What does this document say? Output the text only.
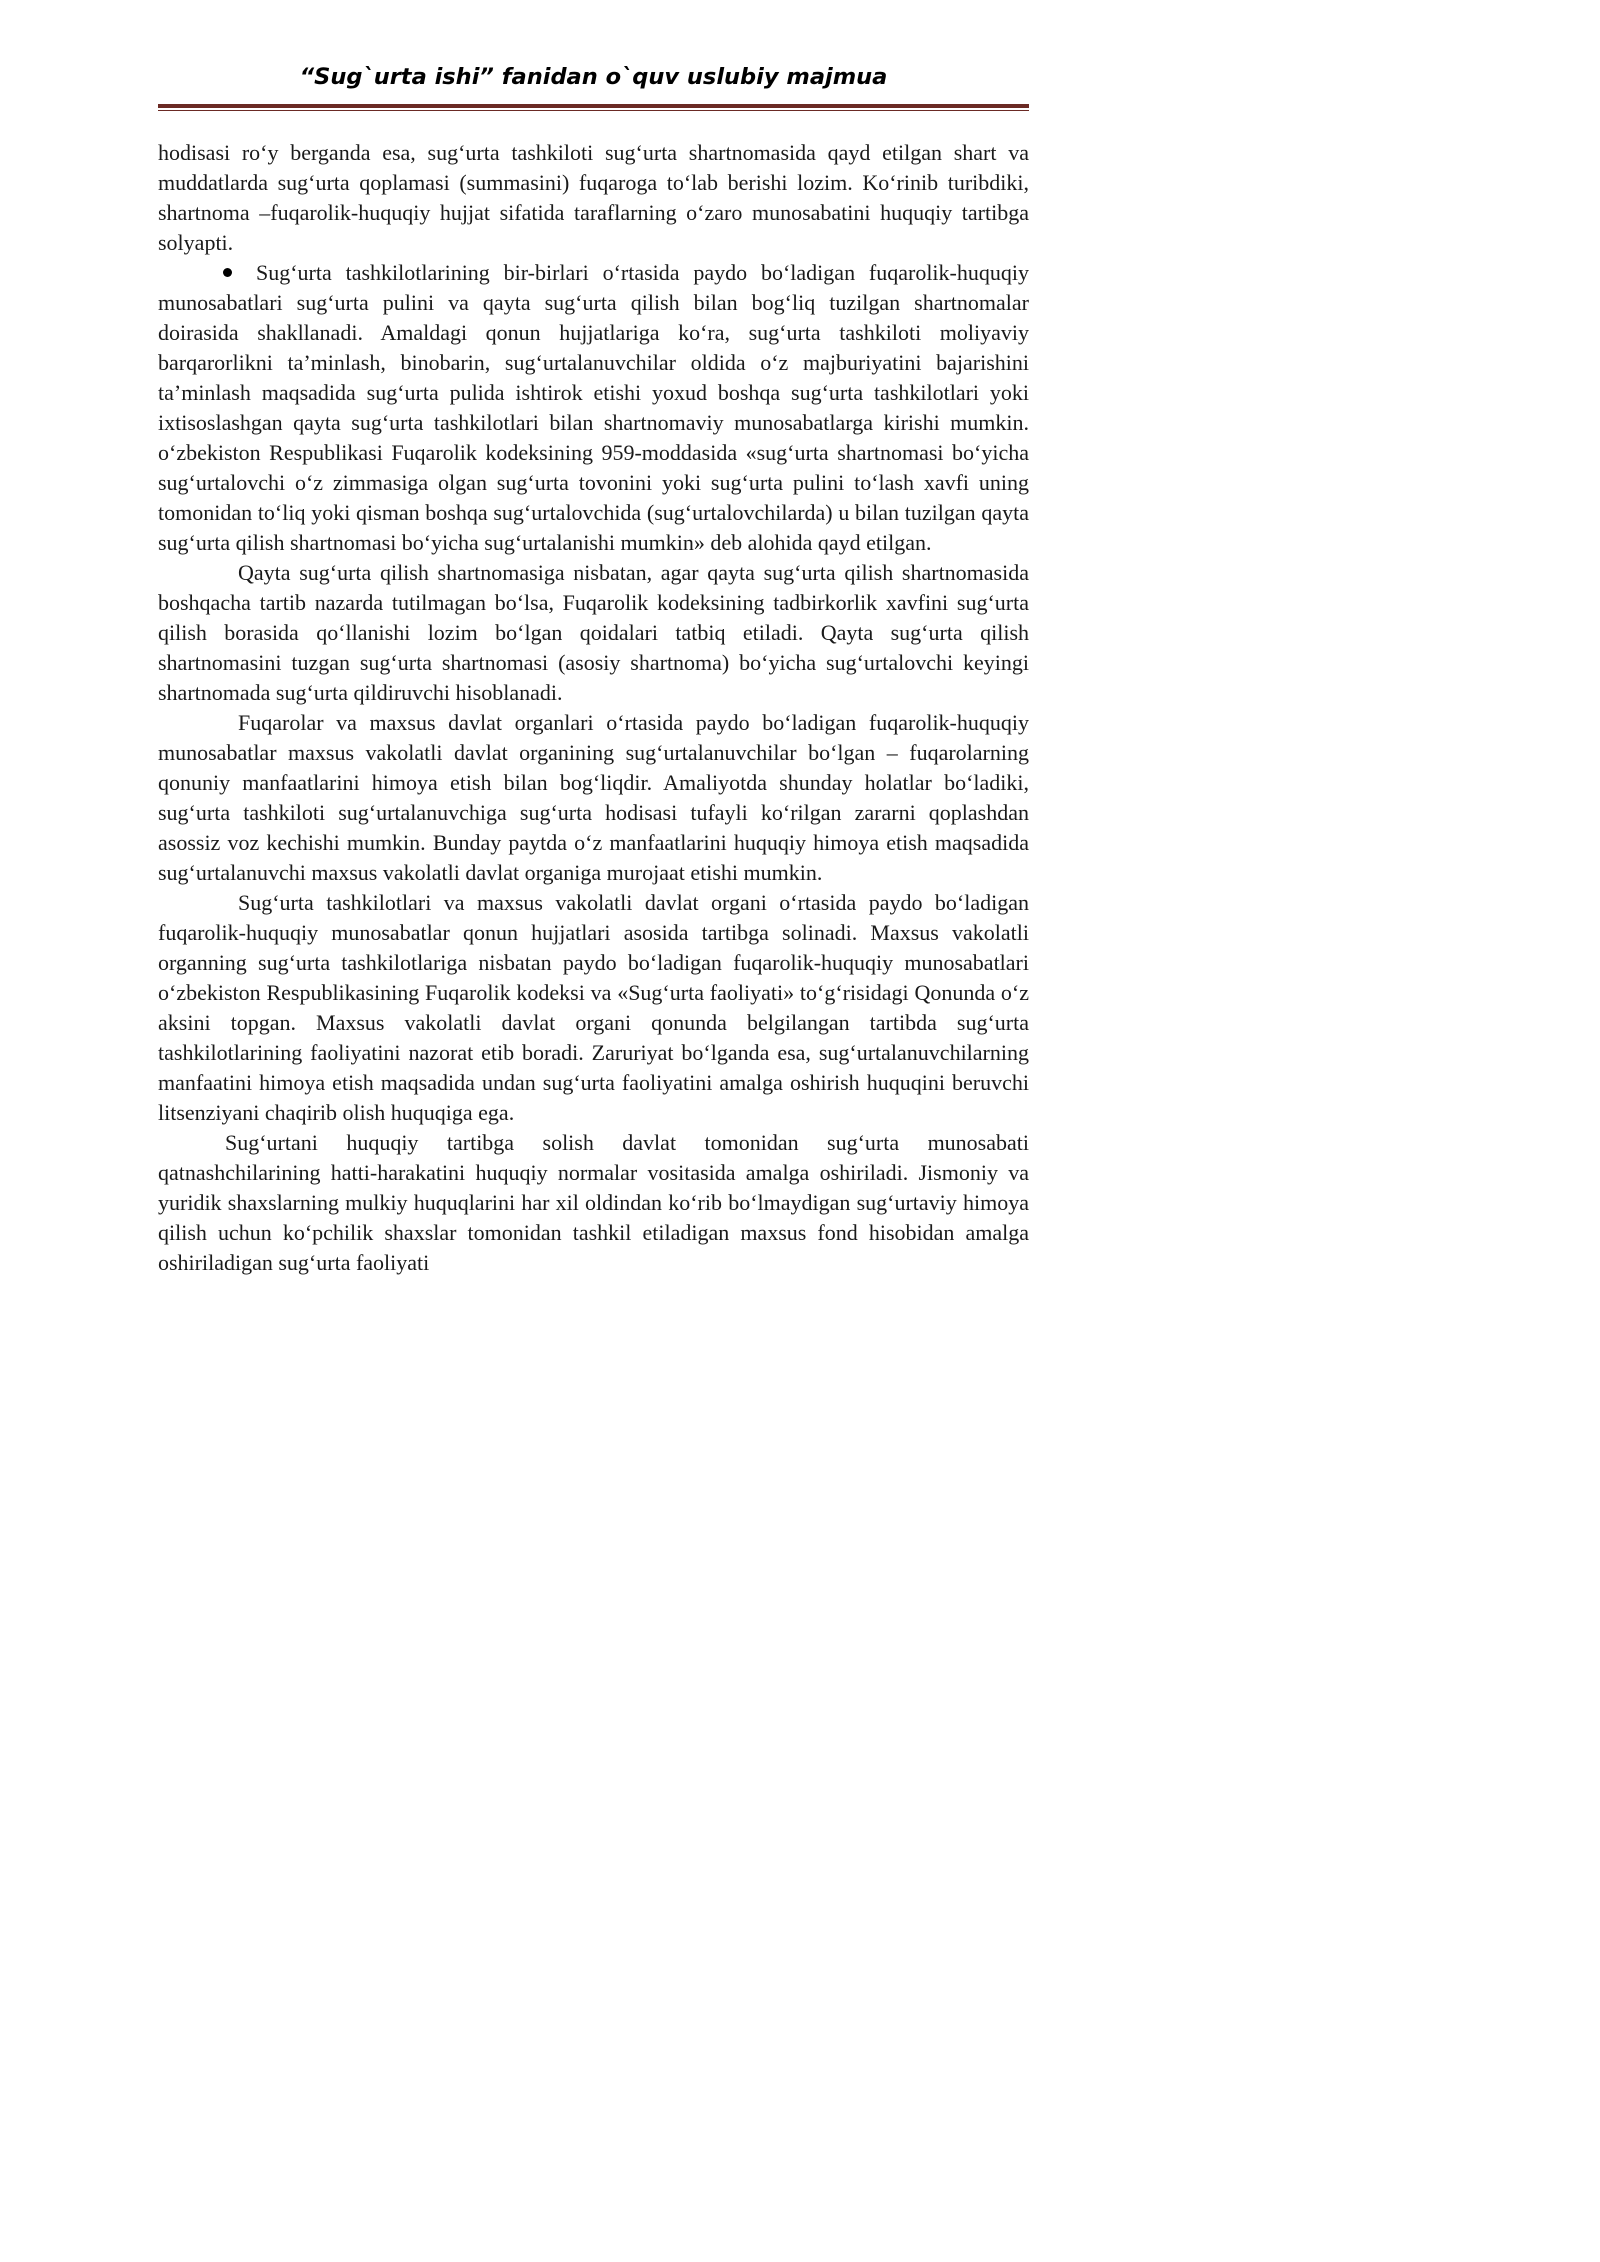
“Sug`urta ishi” fanidan o`quv uslubiy majmua

hodisasi ro‘y berganda esa, sug‘urta tashkiloti sug‘urta shartnomasida qayd etilgan shart va muddatlarda sug‘urta qoplamasi (summasini) fuqaroga to‘lab berishi lozim. Ko‘rinib turibdiki, shartnoma –fuqarolik-huquqiy hujjat sifatida taraflarning o‘zaro munosabatini huquqiy tartibga solyapti.

Sug‘urta tashkilotlarining bir-birlari o‘rtasida paydo bo‘ladigan fuqarolik-huquqiy munosabatlari sug‘urta pulini va qayta sug‘urta qilish bilan bog‘liq tuzilgan shartnomalar doirasida shakllanadi. Amaldagi qonun hujjatlariga ko‘ra, sug‘urta tashkiloti moliyaviy barqarorlikni ta’minlash, binobarin, sug‘urtalanuvchilar oldida o‘z majburiyatini bajarishini ta’minlash maqsadida sug‘urta pulida ishtirok etishi yoxud boshqa sug‘urta tashkilotlari yoki ixtisoslashgan qayta sug‘urta tashkilotlari bilan shartnomaviy munosabatlarga kirishi mumkin. o‘zbekiston Respublikasi Fuqarolik kodeksining 959-moddasida «sug‘urta shartnomasi bo‘yicha sug‘urtalovchi o‘z zimmasiga olgan sug‘urta tovonini yoki sug‘urta pulini to‘lash xavfi uning tomonidan to‘liq yoki qisman boshqa sug‘urtalovchida (sug‘urtalovchilarda) u bilan tuzilgan qayta sug‘urta qilish shartnomasi bo‘yicha sug‘urtalanishi mumkin» deb alohida qayd etilgan.

Qayta sug‘urta qilish shartnomasiga nisbatan, agar qayta sug‘urta qilish shartnomasida boshqacha tartib nazarda tutilmagan bo‘lsa, Fuqarolik kodeksining tadbirkorlik xavfini sug‘urta qilish borasida qo‘llanishi lozim bo‘lgan qoidalari tatbiq etiladi. Qayta sug‘urta qilish shartnomasini tuzgan sug‘urta shartnomasi (asosiy shartnoma) bo‘yicha sug‘urtalovchi keyingi shartnomada sug‘urta qildiruvchi hisoblanadi.

Fuqarolar va maxsus davlat organlari o‘rtasida paydo bo‘ladigan fuqarolik-huquqiy munosabatlar maxsus vakolatli davlat organining sug‘urtalanuvchilar bo‘lgan – fuqarolarning qonuniy manfaatlarini himoya etish bilan bog‘liqdir. Amaliyotda shunday holatlar bo‘ladiki, sug‘urta tashkiloti sug‘urtalanuvchiga sug‘urta hodisasi tufayli ko‘rilgan zararni qoplashdan asossiz voz kechishi mumkin. Bunday paytda o‘z manfaatlarini huquqiy himoya etish maqsadida sug‘urtalanuvchi maxsus vakolatli davlat organiga murojaat etishi mumkin.

Sug‘urta tashkilotlari va maxsus vakolatli davlat organi o‘rtasida paydo bo‘ladigan fuqarolik-huquqiy munosabatlar qonun hujjatlari asosida tartibga solinadi. Maxsus vakolatli organning sug‘urta tashkilotlariga nisbatan paydo bo‘ladigan fuqarolik-huquqiy munosabatlari o‘zbekiston Respublikasining Fuqarolik kodeksi va «Sug‘urta faoliyati» to‘g‘risidagi Qonunda o‘z aksini topgan. Maxsus vakolatli davlat organi qonunda belgilangan tartibda sug‘urta tashkilotlarining faoliyatini nazorat etib boradi. Zaruriyat bo‘lganda esa, sug‘urtalanuvchilarning manfaatini himoya etish maqsadida undan sug‘urta faoliyatini amalga oshirish huquqini beruvchi litsenziyani chaqirib olish huquqiga ega.

Sug‘urtani huquqiy tartibga solish davlat tomonidan sug‘urta munosabati qatnashchilarining hatti-harakatini huquqiy normalar vositasida amalga oshiriladi. Jismoniy va yuridik shaxslarning mulkiy huquqlarini har xil oldindan ko‘rib bo‘lmaydigan sug‘urtaviy himoya qilish uchun ko‘pchilik shaxslar tomonidan tashkil etiladigan maxsus fond hisobidan amalga oshiriladigan sug‘urta faoliyati
